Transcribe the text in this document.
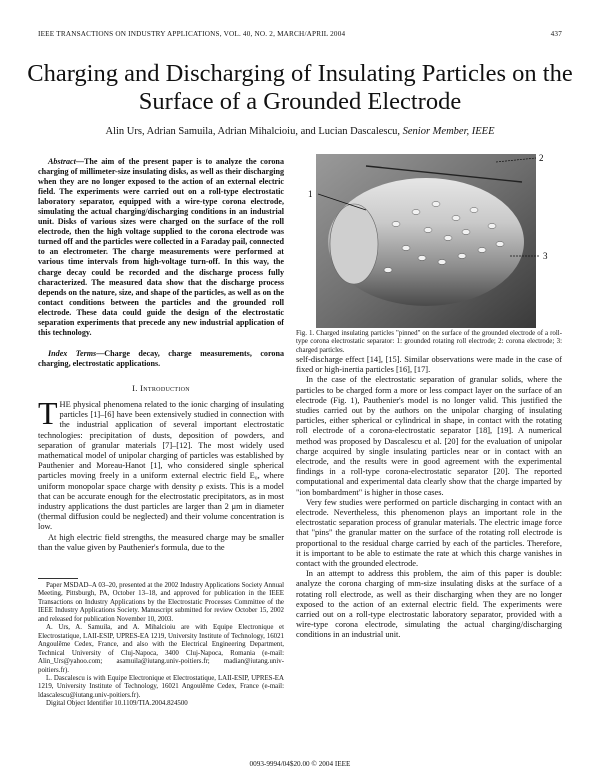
IEEE TRANSACTIONS ON INDUSTRY APPLICATIONS, VOL. 40, NO. 2, MARCH/APRIL 2004	437
Charging and Discharging of Insulating Particles on the Surface of a Grounded Electrode
Alin Urs, Adrian Samuila, Adrian Mihalcioiu, and Lucian Dascalescu, Senior Member, IEEE

Abstract—The aim of the present paper is to analyze the corona charging of millimeter-size insulating disks, as well as their discharging when they are no longer exposed to the action of an external electric field. The experiments were carried out on a roll-type electrostatic laboratory separator, equipped with a wire-type corona electrode, simulating the actual charging/discharging conditions in an industrial unit. Disks of various sizes were charged on the surface of the roll electrode, then the high voltage supplied to the corona electrode was turned off and the particles were collected in a Faraday pail, connected to an electrometer. The charge measurements were performed at various time intervals from high-voltage turn-off. In this way, the charge decay could be recorded and the discharge process fully characterized. The measured data show that the discharge process depends on the nature, size, and shape of the particles, as well as on the contact conditions between the particles and the grounded roll electrode. These data could guide the design of the electrostatic separation experiments that precede any new industrial application of this technology.

Index Terms—Charge decay, charge measurements, corona charging, electrostatic applications.

I. Introduction

THE physical phenomena related to the ionic charging of insulating particles [1]–[6] have been extensively studied in connection with the industrial application of several important electrostatic technologies: precipitation of dusts, deposition of powders, and separation of granular materials [7]–[12]. The most widely used mathematical model of unipolar charging of particles was established by Pauthenier and Moreau-Hanot [1], who considered single spherical particles moving freely in a uniform external electric field E₀, where uniform monopolar space charge with density ρ exists. This is a model that can be accurate enough for the electrostatic precipitators, as in most industry applications the dust particles are larger than 2 μm in diameter (thermal diffusion could be neglected) and their volume concentration is low.

At high electric field strengths, the measured charge may be smaller than the value given by Pauthenier's formula, due to the

Paper MSDAD–A 03–20, presented at the 2002 Industry Applications Society Annual Meeting, Pittsburgh, PA, October 13–18, and approved for publication in the IEEE Transactions on Industry Applications by the Electrostatic Processes Committee of the IEEE Industry Applications Society. Manuscript submitted for review October 15, 2002 and released for publication November 10, 2003.

A. Urs, A. Samuila, and A. Mihalcioiu are with Equipe Electronique et Electrostatique, LAII-ESIP, UPRES-EA 1219, University Institute of Technology, 16021 Angoulême Cedex, France, and also with the Electrical Engineering Department, Technical University of Cluj-Napoca, 3400 Cluj-Napoca, Romania (e-mail: Alin_Urs@yahoo.com; asamuila@iutang.univ-poitiers.fr; madian@iutang.univ-poitiers.fr).

L. Dascalescu is with Equipe Electronique et Electrostatique, LAII-ESIP, UPRES-EA 1219, University Institute of Technology, 16021 Angoulême Cedex, France (e-mail: ldascalescu@iutang.univ-poitiers.fr).

Digital Object Identifier 10.1109/TIA.2004.824500

1
2
3
Fig. 1. Charged insulating particles "pinned" on the surface of the grounded electrode of a roll-type corona electrostatic separator: 1: grounded rotating roll electrode; 2: corona electrode; 3: charged particles.

self-discharge effect [14], [15]. Similar observations were made in the case of fixed or high-inertia particles [16], [17].

In the case of the electrostatic separation of granular solids, where the particles to be charged form a more or less compact layer on the surface of an electrode (Fig. 1), Pauthenier's model is no longer valid. This justified the studies carried out by the authors on the unipolar charging of insulating particles, either spherical or cylindrical in shape, in contact with the rotating roll electrode of a corona-electrostatic separator [18], [19]. A numerical method was proposed by Dascalescu et al. [20] for the evaluation of unipolar charge acquired by single insulating particles near or in contact with an electrode, and the results were in good agreement with the experimental findings in a roll-type corona-electrostatic separator [20]. The reported computational and experimental data clearly show that the charge imparted by "ion bombardment" is higher in those cases.

Very few studies were performed on particle discharging in contact with an electrode. Nevertheless, this phenomenon plays an important role in the electrostatic separation process of granular materials. The electric image force that "pins" the granular matter on the surface of the rotating roll electrode is proportional to the residual charge carried by each of the particles. Therefore, it is important to be able to estimate the rate at which this charge vanishes in contact with the grounded electrode.

In an attempt to address this problem, the aim of this paper is double: analyze the corona charging of mm-size insulating disks at the surface of a rotating roll electrode, as well as their discharging when they are no longer exposed to the action of an external electric field. The experiments were carried out on a roll-type electrostatic laboratory separator, provided with a wire-type corona electrode, simulating the actual charging/discharging conditions in an industrial unit.

0093-9994/04$20.00 © 2004 IEEE
